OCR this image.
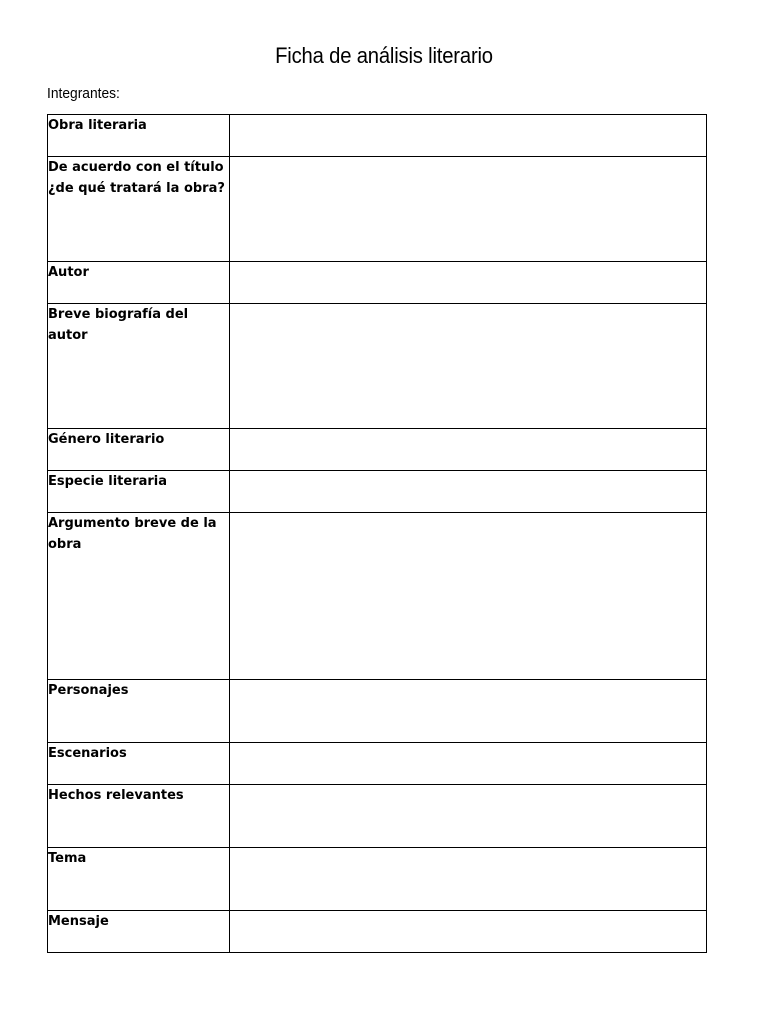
Ficha de análisis literario
Integrantes:
Obra literaria	
De acuerdo con el título ¿de qué tratará la obra?	
Autor	
Breve biografía del autor	
Género literario	
Especie literaria	
Argumento breve de la obra	
Personajes	
Escenarios	
Hechos relevantes	
Tema	
Mensaje	
